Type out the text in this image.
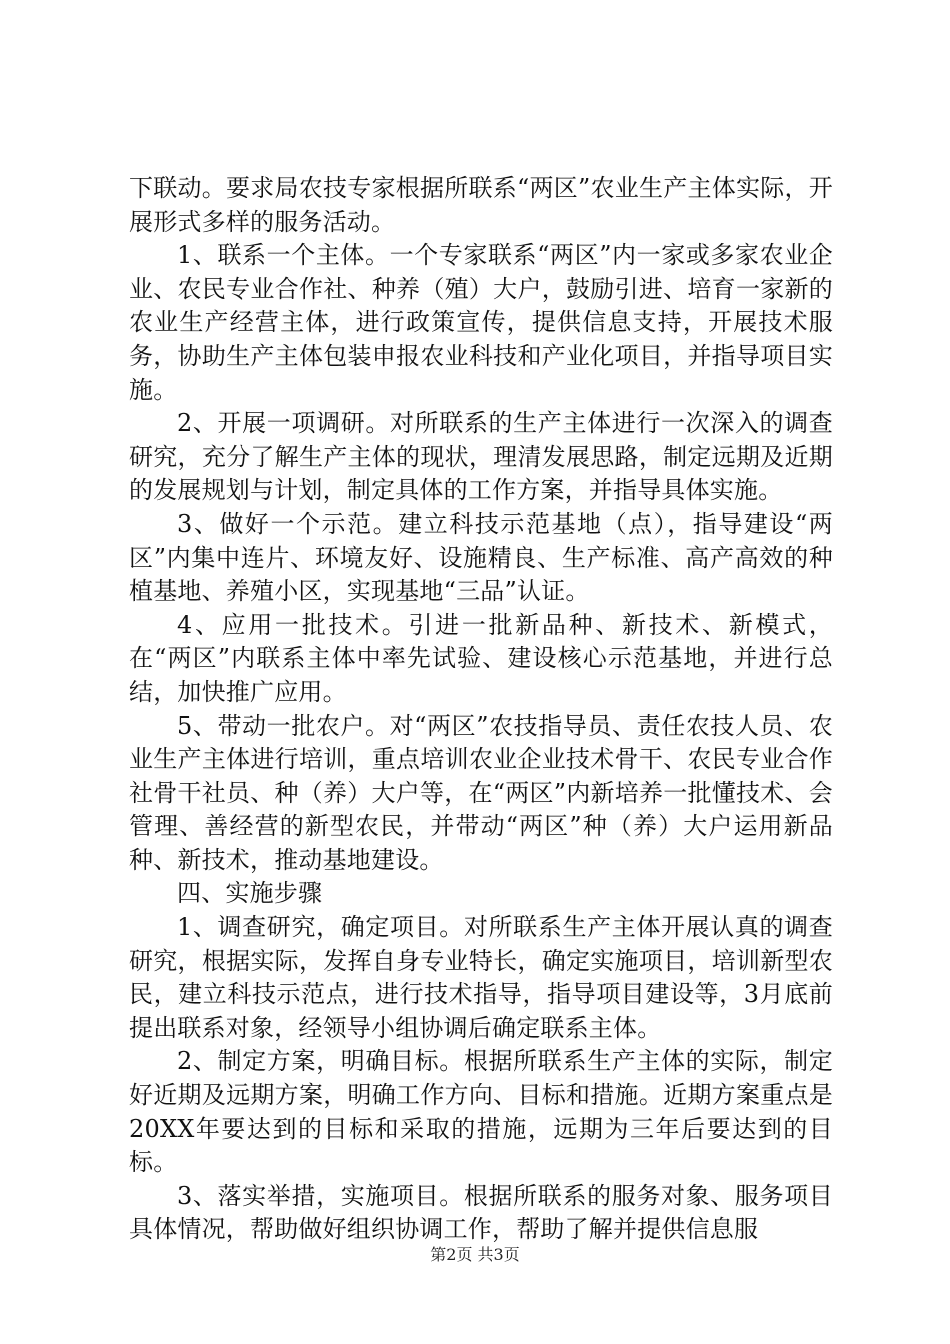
下联动。要求局农技专家根据所联系“两区”农业生产主体实际，开展形式多样的服务活动。

1、联系一个主体。一个专家联系“两区”内一家或多家农业企业、农民专业合作社、种养（殖）大户，鼓励引进、培育一家新的农业生产经营主体，进行政策宣传，提供信息支持，开展技术服务，协助生产主体包装申报农业科技和产业化项目，并指导项目实施。

2、开展一项调研。对所联系的生产主体进行一次深入的调查研究，充分了解生产主体的现状，理清发展思路，制定远期及近期的发展规划与计划，制定具体的工作方案，并指导具体实施。

3、做好一个示范。建立科技示范基地（点），指导建设“两区”内集中连片、环境友好、设施精良、生产标准、高产高效的种植基地、养殖小区，实现基地“三品”认证。

4、应用一批技术。引进一批新品种、新技术、新模式，在“两区”内联系主体中率先试验、建设核心示范基地，并进行总结，加快推广应用。

5、带动一批农户。对“两区”农技指导员、责任农技人员、农业生产主体进行培训，重点培训农业企业技术骨干、农民专业合作社骨干社员、种（养）大户等，在“两区”内新培养一批懂技术、会管理、善经营的新型农民，并带动“两区”种（养）大户运用新品种、新技术，推动基地建设。

四、实施步骤

1、调查研究，确定项目。对所联系生产主体开展认真的调查研究，根据实际，发挥自身专业特长，确定实施项目，培训新型农民，建立科技示范点，进行技术指导，指导项目建设等，3月底前提出联系对象，经领导小组协调后确定联系主体。

2、制定方案，明确目标。根据所联系生产主体的实际，制定好近期及远期方案，明确工作方向、目标和措施。近期方案重点是20XX年要达到的目标和采取的措施，远期为三年后要达到的目标。

3、落实举措，实施项目。根据所联系的服务对象、服务项目具体情况，帮助做好组织协调工作，帮助了解并提供信息服

第2页 共3页
